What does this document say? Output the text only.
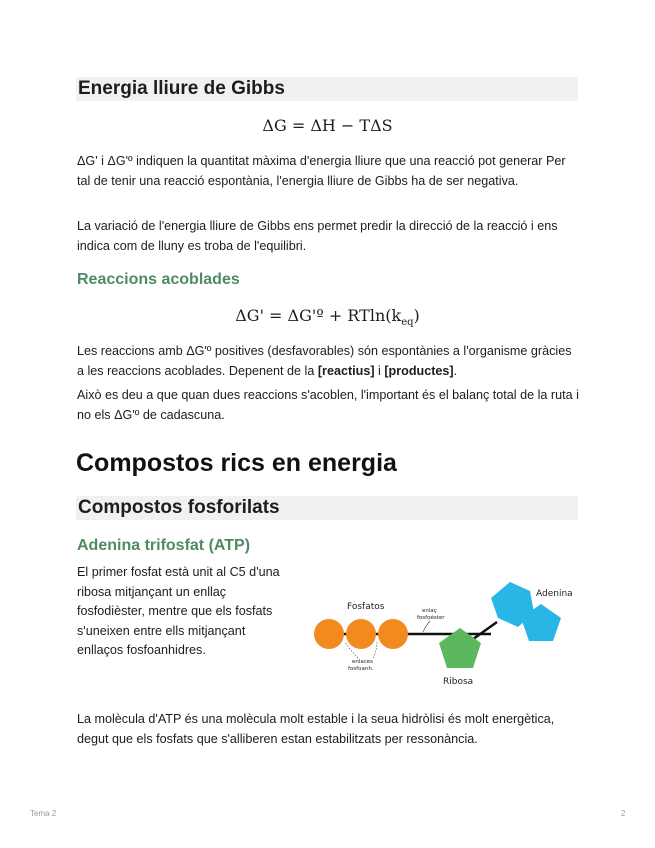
Energia lliure de Gibbs
ΔG = ΔH − TΔS

ΔG' i ΔG'º indiquen la quantitat màxima d'energia lliure que una reacció pot generar Per tal de tenir una reacció espontània, l'energia lliure de Gibbs ha de ser negativa.

La variació de l'energia lliure de Gibbs ens permet predir la direcció de la reacció i ens indica com de lluny es troba de l'equilibri.

Reaccions acoblades
ΔG' = ΔG'º + $RTln(k_{eq})$

Les reaccions amb ΔG'º positives (desfavorables) són espontànies a l'organisme gràcies a les reaccions acoblades. Depenent de la [reactius] i [productes].

Això es deu a que quan dues reaccions s'acoblen, l'important és el balanç total de la ruta i no els ΔG'º de cadascuna.

Compostos rics en energia
Compostos fosforilats
Adenina trifosfat (ATP)

El primer fosfat està unit al C5 d'una ribosa mitjançant un enllaç fosfodièster, mentre que els fosfats s'uneixen entre ells mitjançant enllaços fosfoanhidres.

Fosfatos
Ribosa
Adenina
enlaç
fosfoéster
enlaces
fosfoanh.

La molècula d'ATP és una molècula molt estable i la seua hidròlisi és molt energètica, degut que els fosfats que s'alliberen estan estabilitzats per ressonància.

Tema 2	2
